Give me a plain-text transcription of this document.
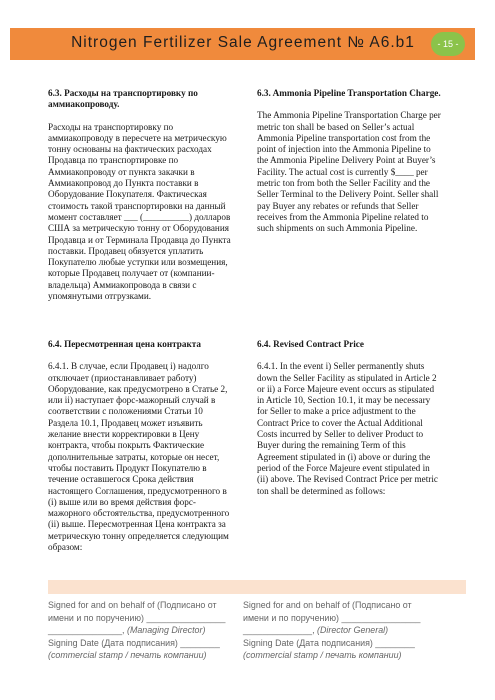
Nitrogen Fertilizer Sale Agreement № A6.b1	- 15 -

6.3. Расходы на транспортировку по аммиакопроводу.

Расходы на транспортировку по аммиакопроводу в пересчете на метрическую тонну основаны на фактических расходах Продавца по транспортировке по Аммиакопроводу от пункта закачки в Аммиакопровод до Пункта поставки в Оборудование Покупателя. Фактическая стоимость такой транспортировки на данный момент составляет ___ (__________) долларов США за метрическую тонну от Оборудования Продавца и от Терминала Продавца до Пункта поставки. Продавец обязуется уплатить Покупателю любые уступки или возмещения, которые Продавец получает от (компании-владельца) Аммиакопровода в связи с упомянутыми отгрузками.

6.3. Ammonia Pipeline Transportation Charge.

The Ammonia Pipeline Transportation Charge per metric ton shall be based on Seller’s actual Ammonia Pipeline transportation cost from the point of injection into the Ammonia Pipeline to the Ammonia Pipeline Delivery Point at Buyer’s Facility. The actual cost is currently $____ per metric ton from both the Seller Facility and the Seller Terminal to the Delivery Point. Seller shall pay Buyer any rebates or refunds that Seller receives from the Ammonia Pipeline related to such shipments on such Ammonia Pipeline.

6.4. Пересмотренная цена контракта

6.4.1. В случае, если Продавец i) надолго отключает (приостанавливает работу) Оборудование, как предусмотрено в Статье 2, или ii) наступает форс-мажорный случай в соответствии с положениями Статьи 10 Раздела 10.1, Продавец может изъявить желание внести корректировки в Цену контракта, чтобы покрыть Фактические дополнительные затраты, которые он несет, чтобы поставить Продукт Покупателю в течение оставшегося Срока действия настоящего Соглашения, предусмотренного в (i) выше или во время действия форс-мажорного обстоятельства, предусмотренного (ii) выше. Пересмотренная Цена контракта за метрическую тонну определяется следующим образом:

6.4. Revised Contract Price

6.4.1. In the event i) Seller permanently shuts down the Seller Facility as stipulated in Article 2 or ii) a Force Majeure event occurs as stipulated in Article 10, Section 10.1, it may be necessary for Seller to make a price adjustment to the Contract Price to cover the Actual Additional Costs incurred by Seller to deliver Product to Buyer during the remaining Term of this Agreement stipulated in (i) above or during the period of the Force Majeure event stipulated in (ii) above. The Revised Contract Price per metric ton shall be determined as follows:

Signed for and on behalf of (Подписано от
имени и по поручению) ________________
_______________, (Managing Director)
Signing Date (Дата подписания) ________
(commercial stamp / печать компании)
Signed for and on behalf of (Подписано от
имени и по поручению) ________________
______________, (Director General)
Signing Date (Дата подписания) ________
(commercial stamp / печать компании)
